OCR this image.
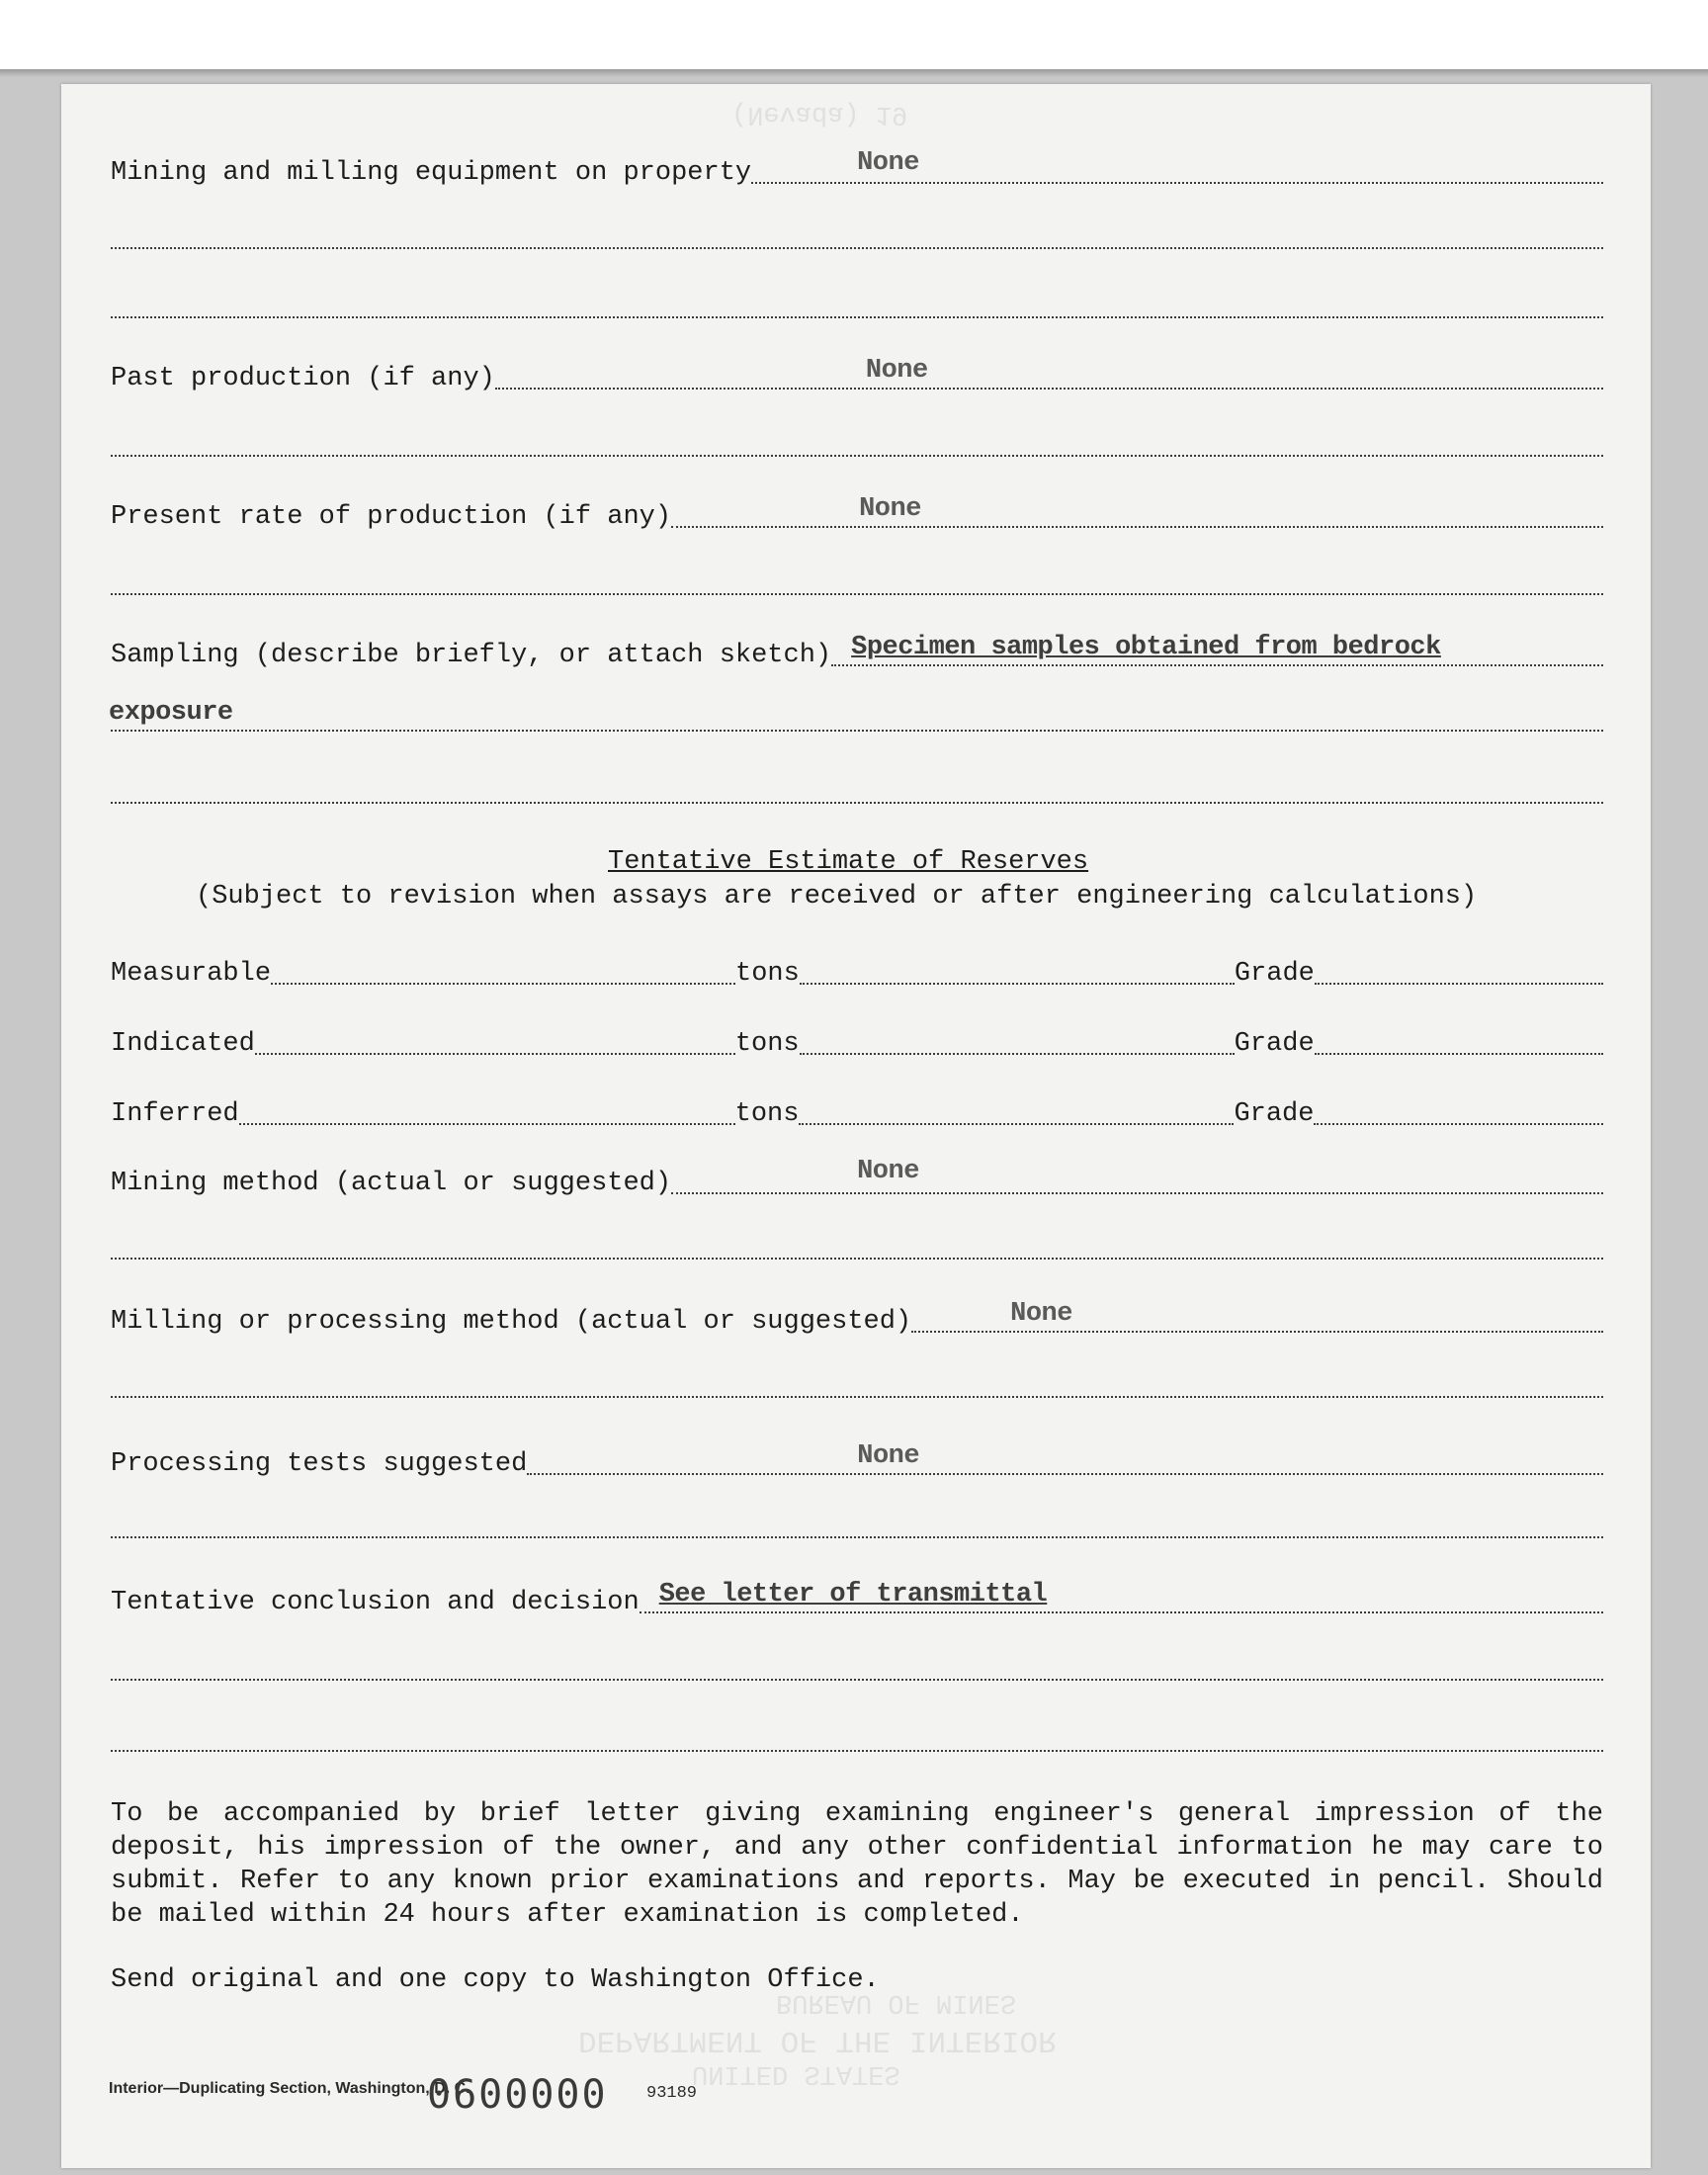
Mining and milling equipment on property	None
Past production (if any)	None
Present rate of production (if any)	None
Sampling (describe briefly, or attach sketch) Specimen samples obtained from bedrock
exposure
Tentative Estimate of Reserves
(Subject to revision when assays are received or after engineering calculations)
Measurable	tons	Grade
Indicated	tons	Grade
Inferred	tons	Grade
Mining method (actual or suggested)	None
Milling or processing method (actual or suggested)	None
Processing tests suggested	None
Tentative conclusion and decision See letter of transmittal
To be accompanied by brief letter giving examining engineer's general impression of the deposit, his impression of the owner, and any other confidential information he may care to submit. Refer to any known prior examinations and reports. May be executed in pencil. Should be mailed within 24 hours after examination is completed.
Send original and one copy to Washington Office.
Interior—Duplicating Section, Washington, D. C.	93189
0600000
